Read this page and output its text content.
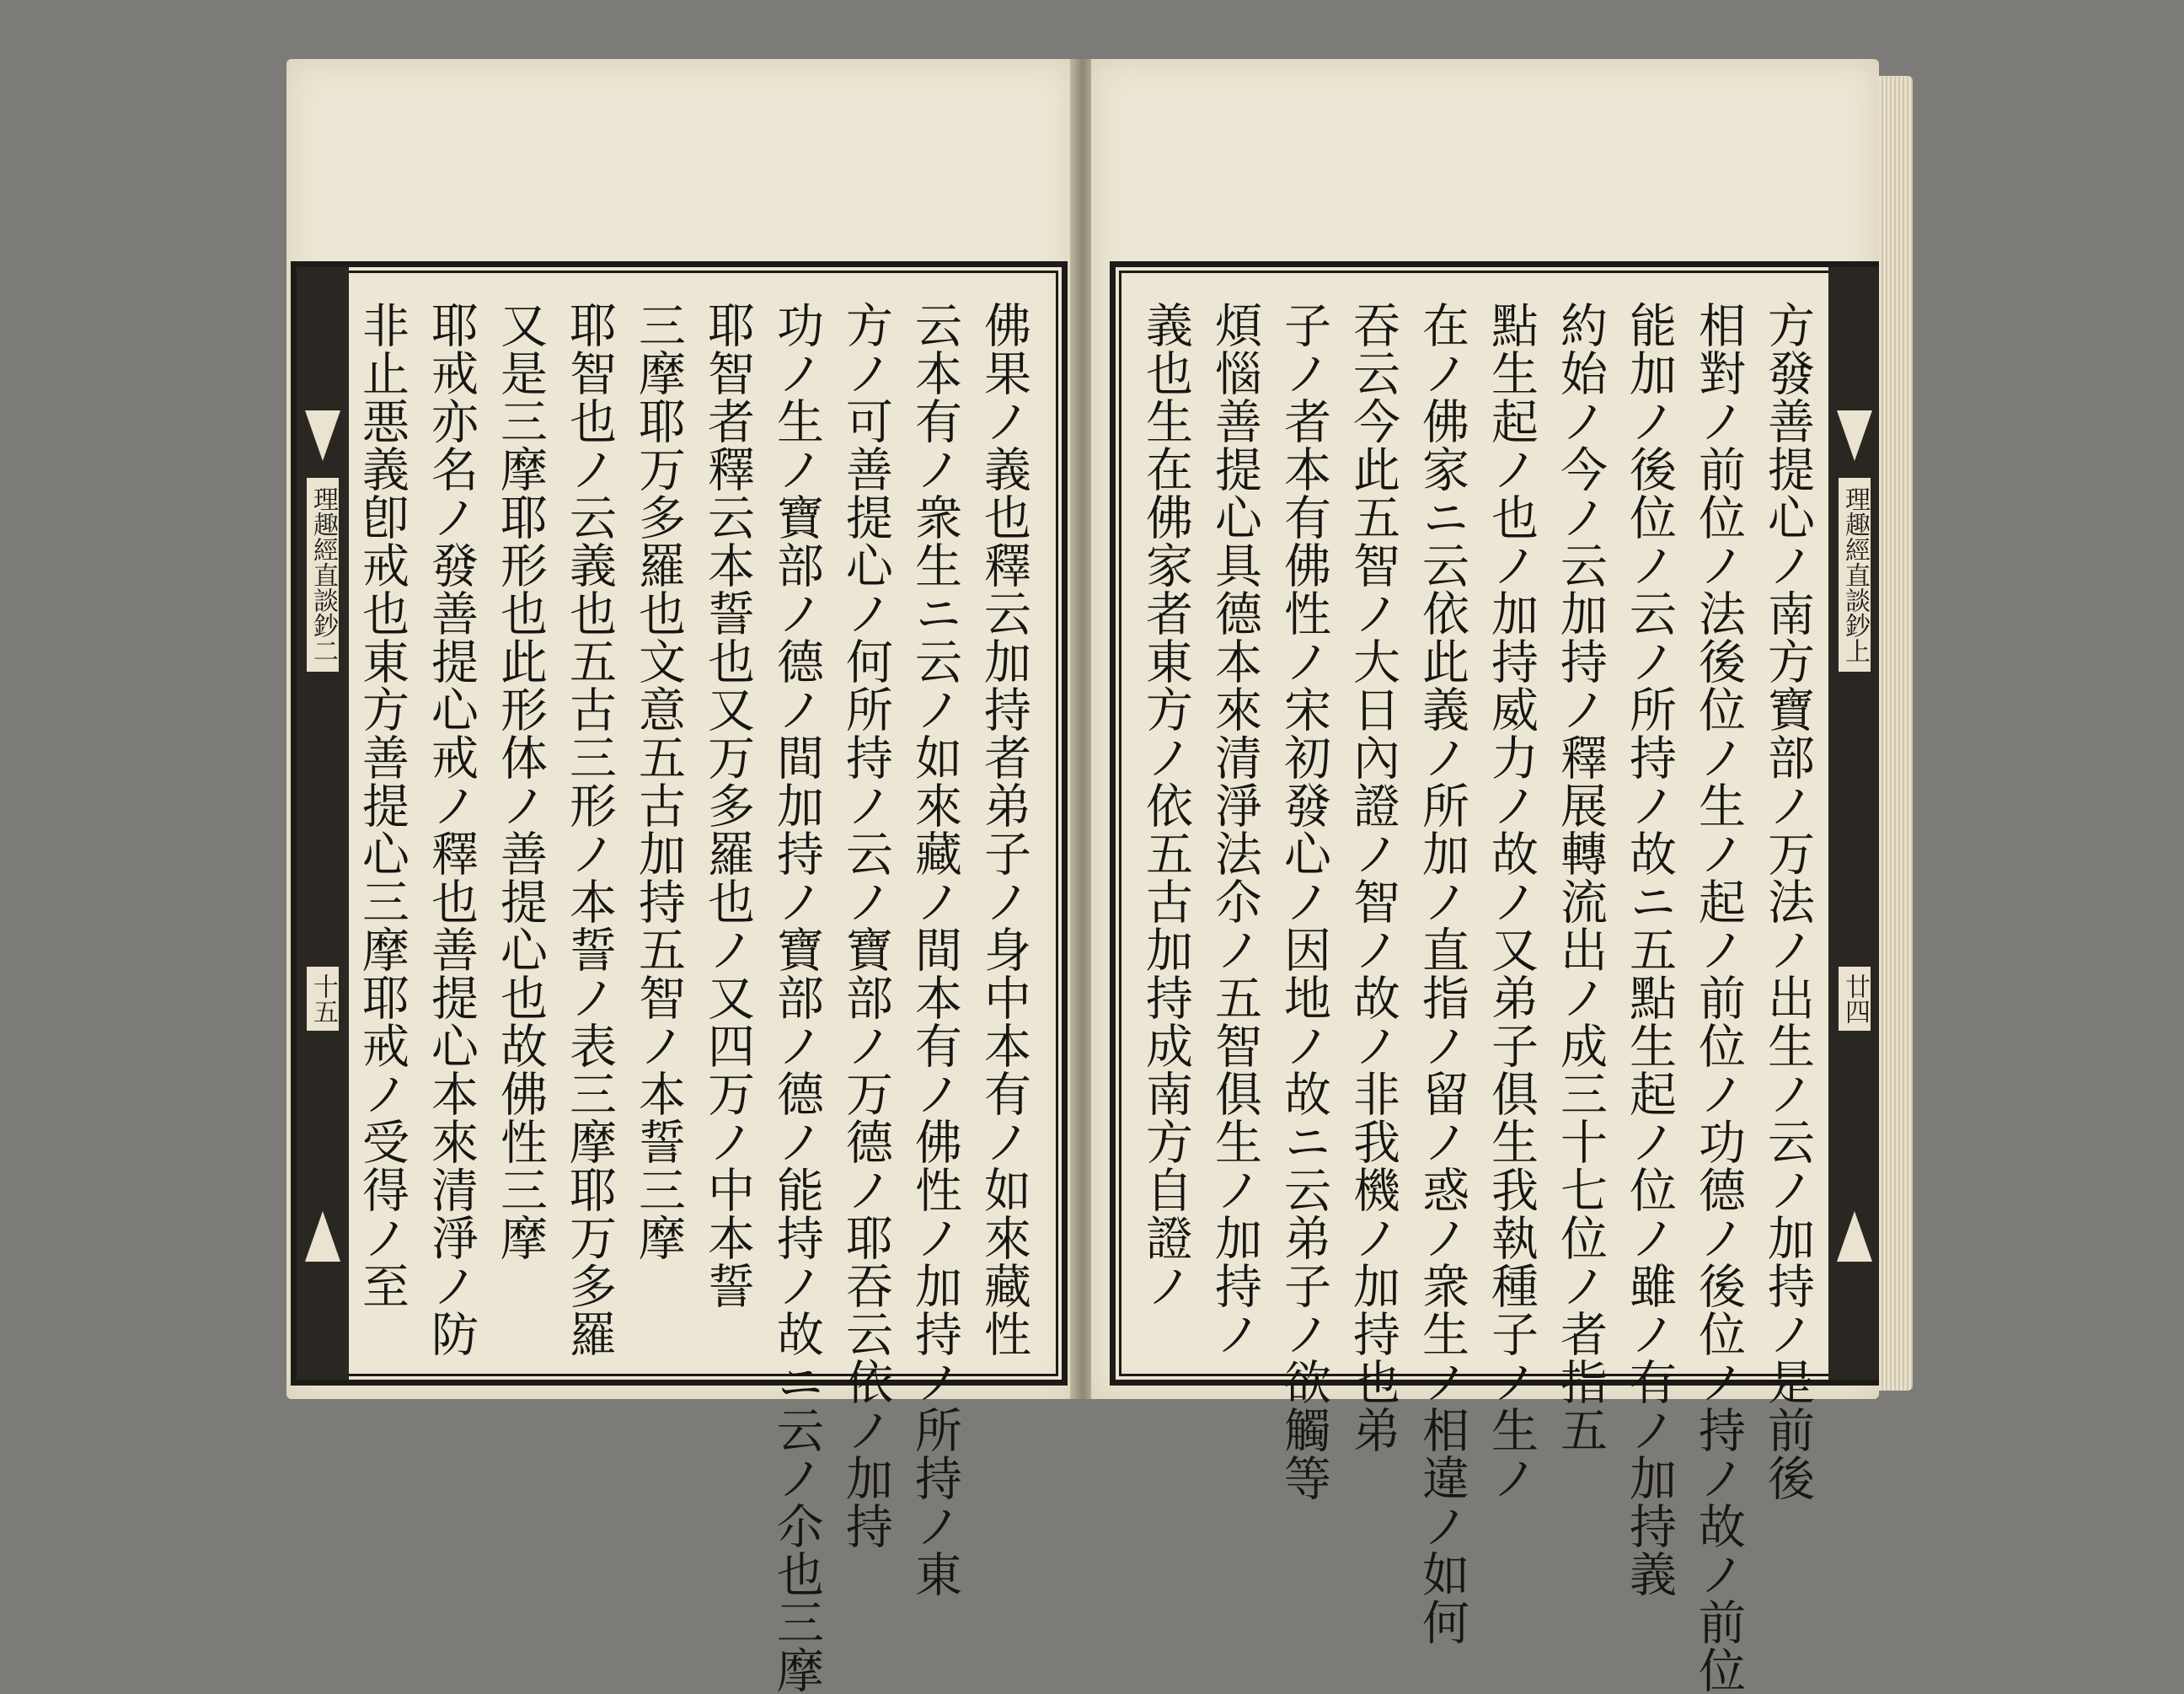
理趣經直談鈔二
十五	佛果ノ義也釋云加持者弟子ノ身中本有ノ如來藏性
云本有ノ衆生ニ云ノ如來藏ノ間本有ノ佛性ノ加持ノ所持ノ東
方ノ可善提心ノ何所持ノ云ノ寶部ノ万德ノ耶吞云依ノ加持
功ノ生ノ寶部ノ德ノ間加持ノ寶部ノ德ノ能持ノ故ニ云ノ尒也三摩
耶智者釋云本誓也又万多羅也ノ又四万ノ中本誓
三摩耶万多羅也文意五古加持五智ノ本誓三摩
耶智也ノ云義也五古三形ノ本誓ノ表三摩耶万多羅
又是三摩耶形也此形体ノ善提心也故佛性三摩
耶戒亦名ノ發善提心戒ノ釋也善提心本來清淨ノ防
非止悪義卽戒也東方善提心三摩耶戒ノ受得ノ至	方發善提心ノ南方寶部ノ万法ノ出生ノ云ノ加持ノ是前後
相對ノ前位ノ法後位ノ生ノ起ノ前位ノ功德ノ後位ノ持ノ故ノ前位
能加ノ後位ノ云ノ所持ノ故ニ五點生起ノ位ノ雖ノ有ノ加持義
約始ノ今ノ云加持ノ釋展轉流出ノ成三十七位ノ者指五
點生起ノ也ノ加持威力ノ故ノ又弟子俱生我執種子ノ生ノ
在ノ佛家ニ云依此義ノ所加ノ直指ノ留ノ惑ノ衆生ノ相違ノ如何
吞云今此五智ノ大日內證ノ智ノ故ノ非我機ノ加持也弟
子ノ者本有佛性ノ宋初發心ノ因地ノ故ニ云弟子ノ欲觸等
煩惱善提心具德本來清淨法尒ノ五智俱生ノ加持ノ
義也生在佛家者東方ノ依五古加持成南方自證ノ	理趣經直談鈔上
廿四
